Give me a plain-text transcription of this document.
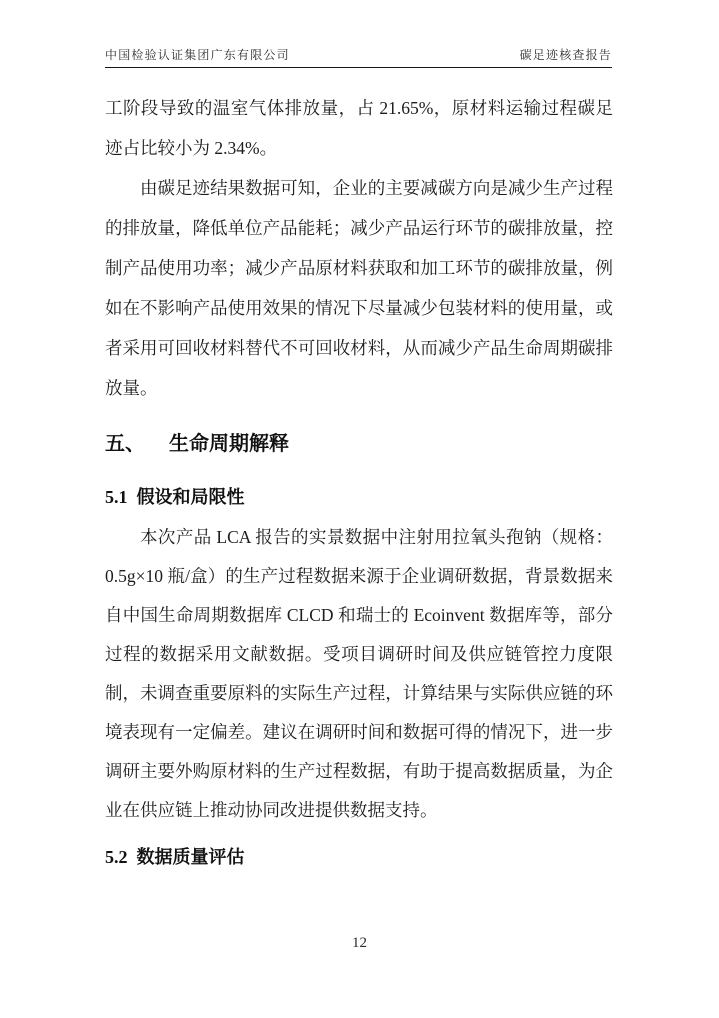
中国检验认证集团广东有限公司	碳足迹核查报告

工阶段导致的温室气体排放量，占 21.65%，原材料运输过程碳足迹占比较小为 2.34%。

由碳足迹结果数据可知，企业的主要减碳方向是减少生产过程的排放量，降低单位产品能耗；减少产品运行环节的碳排放量，控制产品使用功率；减少产品原材料获取和加工环节的碳排放量，例如在不影响产品使用效果的情况下尽量减少包装材料的使用量，或者采用可回收材料替代不可回收材料，从而减少产品生命周期碳排放量。

五、 生命周期解释
5.1 假设和局限性

本次产品 LCA 报告的实景数据中注射用拉氧头孢钠（规格：0.5g×10 瓶/盒）的生产过程数据来源于企业调研数据，背景数据来自中国生命周期数据库 CLCD 和瑞士的 Ecoinvent 数据库等，部分过程的数据采用文献数据。受项目调研时间及供应链管控力度限制，未调查重要原料的实际生产过程，计算结果与实际供应链的环境表现有一定偏差。建议在调研时间和数据可得的情况下，进一步调研主要外购原材料的生产过程数据，有助于提高数据质量，为企业在供应链上推动协同改进提供数据支持。

5.2 数据质量评估
12
